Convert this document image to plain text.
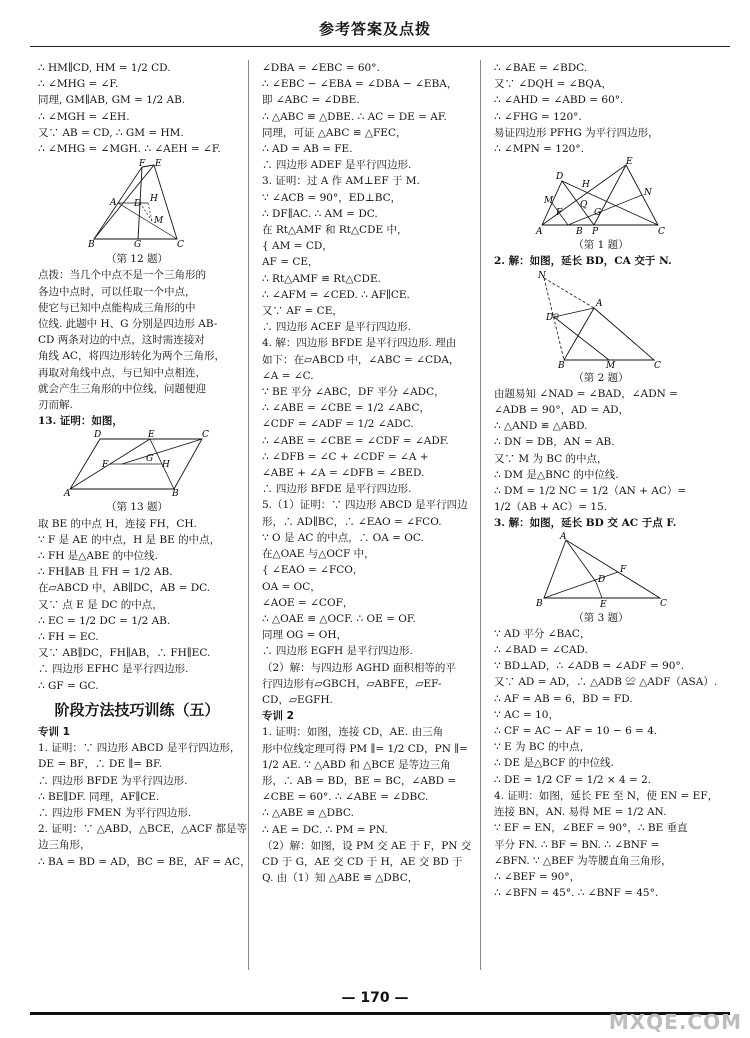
参考答案及点拨
∴ HM∥CD, HM = 1/2 CD.
∴ ∠MHG = ∠F.
同理, GM∥AB, GM = 1/2 AB.
∴ ∠MGH = ∠EH.
又∵ AB = CD, ∴ GM = HM.
∴ ∠MHG = ∠MGH. ∴ ∠AEH = ∠F.
F E
A	H
D
M
B	G	C
（第 12 题）
点拨：当几个中点不是一个三角形的
各边中点时，可以任取一个中点，
使它与已知中点能构成三角形的中
位线. 此题中 H、G 分别是四边形 AB-
CD 两条对边的中点，这时需连接对
角线 AC，将四边形转化为两个三角形，
再取对角线中点，与已知中点相连，
就会产生三角形的中位线，问题便迎
刃而解.
13. 证明：如图，
D	E	C
G
F	H
A	B
（第 13 题）
取 BE 的中点 H，连接 FH，CH.
∵ F 是 AE 的中点，H 是 BE 的中点，
∴ FH 是△ABE 的中位线.
∴ FH∥AB 且 FH = 1/2 AB.
在▱ABCD 中，AB∥DC，AB = DC.
又∵ 点 E 是 DC 的中点，
∴ EC = 1/2 DC = 1/2 AB.
∴ FH = EC.
又∵ AB∥DC，FH∥AB，∴ FH∥EC.
∴ 四边形 EFHC 是平行四边形.
∴ GF = GC.
阶段方法技巧训练（五）
专训 1
1. 证明：∵ 四边形 ABCD 是平行四边形，
DE = BF，∴ DE ∥= BF.
∴ 四边形 BFDE 为平行四边形.
∴ BE∥DF. 同理，AF∥CE.
∴ 四边形 FMEN 为平行四边形.
2. 证明：∵ △ABD，△BCE，△ACF 都是等
边三角形，
∴ BA = BD = AD，BC = BE，AF = AC，
∠DBA = ∠EBC = 60°.
∴ ∠EBC − ∠EBA = ∠DBA − ∠EBA，
即 ∠ABC = ∠DBE.
∴ △ABC ≌ △DBE. ∴ AC = DE = AF.
同理，可证 △ABC ≌ △FEC，
∴ AD = AB = FE.
∴ 四边形 ADEF 是平行四边形.
3. 证明：过 A 作 AM⊥EF 于 M.
∵ ∠ACB = 90°，ED⊥BC，
∴ DF∥AC. ∴ AM = DC.
在 Rt△AMF 和 Rt△CDE 中，
{ AM = CD，
AF = CE，
∴ Rt△AMF ≌ Rt△CDE.
∴ ∠AFM = ∠CED. ∴ AF∥CE.
又∵ AF = CE，
∴ 四边形 ACEF 是平行四边形.
4. 解：四边形 BFDE 是平行四边形. 理由
如下：在▱ABCD 中，∠ABC = ∠CDA，
∠A = ∠C.
∵ BE 平分 ∠ABC，DF 平分 ∠ADC，
∴ ∠ABE = ∠CBE = 1/2 ∠ABC，
∠CDF = ∠ADF = 1/2 ∠ADC.
∴ ∠ABE = ∠CBE = ∠CDF = ∠ADF.
∴ ∠DFB = ∠C + ∠CDF = ∠A +
∠ABE + ∠A = ∠DFB = ∠BED.
∴ 四边形 BFDE 是平行四边形.
5.（1）证明：∵ 四边形 ABCD 是平行四边
形，∴ AD∥BC，∴ ∠EAO = ∠FCO.
∵ O 是 AC 的中点，∴ OA = OC.
在△OAE 与△OCF 中，
{ ∠EAO = ∠FCO，
OA = OC，
∠AOE = ∠COF，
∴ △OAE ≌ △OCF. ∴ OE = OF.
同理 OG = OH，
∴ 四边形 EGFH 是平行四边形.
（2）解：与四边形 AGHD 面积相等的平
行四边形有▱GBCH，▱ABFE，▱EF-
CD，▱EGFH.
专训 2
1. 证明：如图，连接 CD，AE. 由三角
形中位线定理可得 PM ∥= 1/2 CD，PN ∥=
1/2 AE. ∵ △ABD 和 △BCE 是等边三角
形，∴ AB = BD，BE = BC，∠ABD =
∠CBE = 60°. ∴ ∠ABE = ∠DBC.
∴ △ABE ≌ △DBC.
∴ AE = DC. ∴ PM = PN.
（2）解：如图，设 PM 交 AE 于 F，PN 交
CD 于 G，AE 交 CD 于 H，AE 交 BD 于
Q. 由（1）知 △ABE ≌ △DBC，
∴ ∠BAE = ∠BDC.
又∵ ∠DQH = ∠BQA，
∴ ∠AHD = ∠ABD = 60°.
∴ ∠FHG = 120°.
易证四边形 PFHG 为平行四边形，
∴ ∠MPN = 120°.
D
E
H
M
N
Q
F	G
A	B P	C
（第 1 题）
2. 解：如图，延长 BD，CA 交于 N.
N
A
D
B	M	C
（第 2 题）
由题易知 ∠NAD = ∠BAD，∠ADN =
∠ADB = 90°，AD = AD，
∴ △AND ≌ △ABD.
∴ DN = DB，AN = AB.
又∵ M 为 BC 的中点，
∴ DM 是△BNC 的中位线.
∴ DM = 1/2 NC = 1/2（AN + AC）=
1/2（AB + AC）= 15.
3. 解：如图，延长 BD 交 AC 于点 F.
A
D
F
B	E	C
（第 3 题）
∵ AD 平分 ∠BAC，
∴ ∠BAD = ∠CAD.
∵ BD⊥AD，∴ ∠ADB = ∠ADF = 90°.
又∵ AD = AD，∴ △ADB ≌ △ADF（ASA）.
∴ AF = AB = 6，BD = FD.
∵ AC = 10，
∴ CF = AC − AF = 10 − 6 = 4.
∵ E 为 BC 的中点，
∴ DE 是△BCF 的中位线.
∴ DE = 1/2 CF = 1/2 × 4 = 2.
4. 证明：如图，延长 FE 至 N，使 EN = EF，
连接 BN，AN. 易得 ME = 1/2 AN.
∵ EF = EN，∠BEF = 90°，∴ BE 垂直
平分 FN. ∴ BF = BN. ∴ ∠BNF =
∠BFN. ∵ △BEF 为等腰直角三角形，
∴ ∠BEF = 90°，
∴ ∠BFN = 45°. ∴ ∠BNF = 45°.
— 170 —
MXQE.COM
